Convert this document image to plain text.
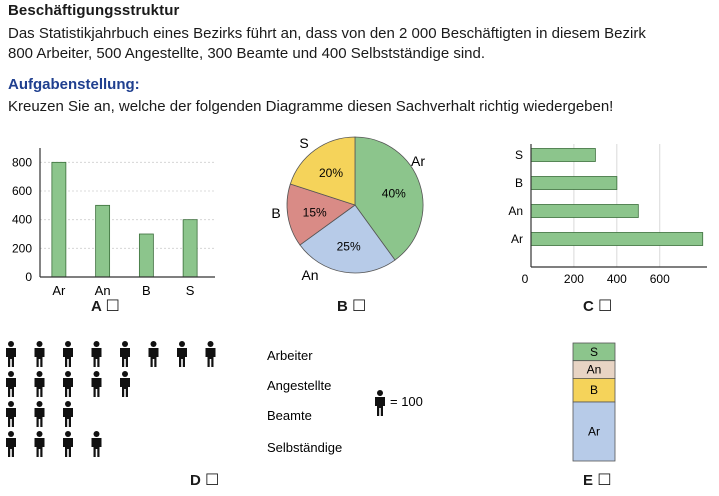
Beschäftigungsstruktur
Das Statistikjahrbuch eines Bezirks führt an, dass von den 2 000 Beschäftigten in diesem Bezirk
800 Arbeiter, 500 Angestellte, 300 Beamte und 400 Selbstständige sind.
Aufgabenstellung:
Kreuzen Sie an, welche der folgenden Diagramme diesen Sachverhalt richtig wiedergeben!
0
200
400
600
800
Ar An B	S
A ☐
40%
Ar
25%
An
15%
B
20%
S
B ☐
Ar
An
B
S
0	200 400 600
C ☐
Arbeiter
Angestellte
Beamte
Selbständige
= 100
D ☐
S
An
B
Ar
E ☐
